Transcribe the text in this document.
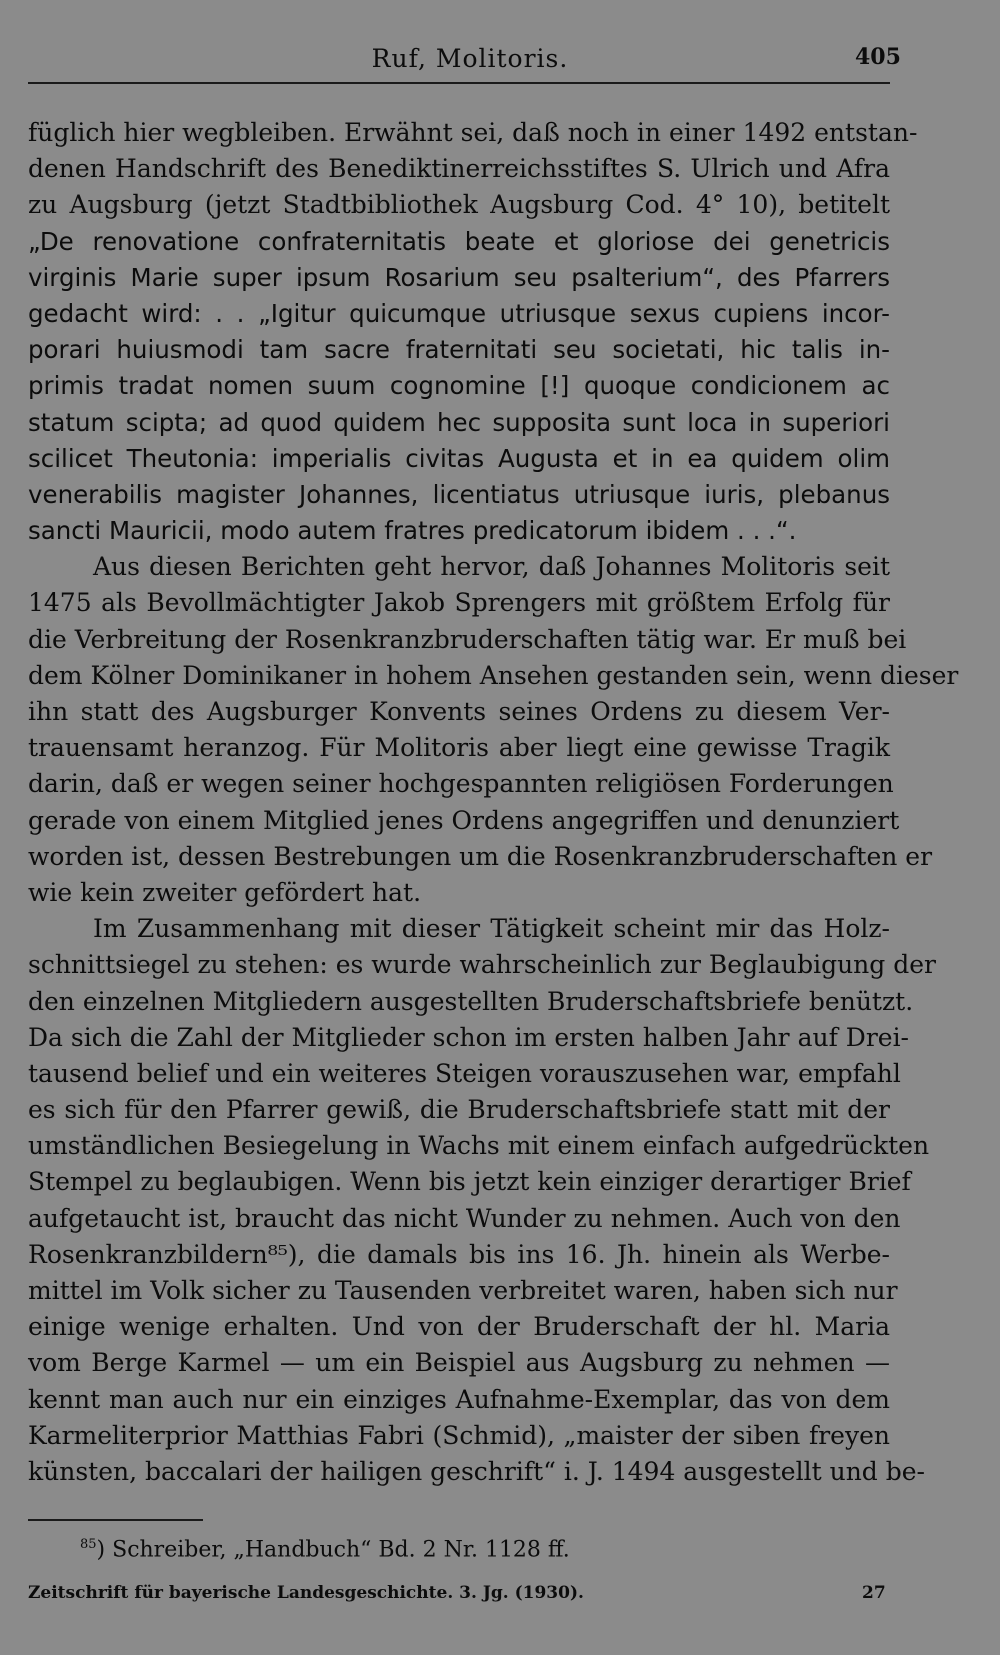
Ruf, Molitoris.	405
füglich hier wegbleiben. Erwähnt sei, daß noch in einer 1492 entstan-
denen Handschrift des Benediktinerreichsstiftes S. Ulrich und Afra
zu Augsburg (jetzt Stadtbibliothek Augsburg Cod. 4° 10), betitelt
„De renovatione confraternitatis beate et gloriose dei genetricis
virginis Marie super ipsum Rosarium seu psalterium“, des Pfarrers
gedacht wird: . . „Igitur quicumque utriusque sexus cupiens incor-
porari huiusmodi tam sacre fraternitati seu societati, hic talis in-
primis tradat nomen suum cognomine [!] quoque condicionem ac
statum scipta; ad quod quidem hec supposita sunt loca in superiori
scilicet Theutonia: imperialis civitas Augusta et in ea quidem olim
venerabilis magister Johannes, licentiatus utriusque iuris, plebanus
sancti Mauricii, modo autem fratres predicatorum ibidem . . .“.
Aus diesen Berichten geht hervor, daß Johannes Molitoris seit
1475 als Bevollmächtigter Jakob Sprengers mit größtem Erfolg für
die Verbreitung der Rosenkranzbruderschaften tätig war. Er muß bei
dem Kölner Dominikaner in hohem Ansehen gestanden sein, wenn dieser
ihn statt des Augsburger Konvents seines Ordens zu diesem Ver-
trauensamt heranzog. Für Molitoris aber liegt eine gewisse Tragik
darin, daß er wegen seiner hochgespannten religiösen Forderungen
gerade von einem Mitglied jenes Ordens angegriffen und denunziert
worden ist, dessen Bestrebungen um die Rosenkranzbruderschaften er
wie kein zweiter gefördert hat.
Im Zusammenhang mit dieser Tätigkeit scheint mir das Holz-
schnittsiegel zu stehen: es wurde wahrscheinlich zur Beglaubigung der
den einzelnen Mitgliedern ausgestellten Bruderschaftsbriefe benützt.
Da sich die Zahl der Mitglieder schon im ersten halben Jahr auf Drei-
tausend belief und ein weiteres Steigen vorauszusehen war, empfahl
es sich für den Pfarrer gewiß, die Bruderschaftsbriefe statt mit der
umständlichen Besiegelung in Wachs mit einem einfach aufgedrückten
Stempel zu beglaubigen. Wenn bis jetzt kein einziger derartiger Brief
aufgetaucht ist, braucht das nicht Wunder zu nehmen. Auch von den
Rosenkranzbildern⁸⁵), die damals bis ins 16. Jh. hinein als Werbe-
mittel im Volk sicher zu Tausenden verbreitet waren, haben sich nur
einige wenige erhalten. Und von der Bruderschaft der hl. Maria
vom Berge Karmel — um ein Beispiel aus Augsburg zu nehmen —
kennt man auch nur ein einziges Aufnahme-Exemplar, das von dem
Karmeliterprior Matthias Fabri (Schmid), „maister der siben freyen
künsten, baccalari der hailigen geschrift“ i. J. 1494 ausgestellt und be-
$^{85}$) Schreiber, „Handbuch“ Bd. 2 Nr. 1128 ff.
Zeitschrift für bayerische Landesgeschichte. 3. Jg. (1930).	27
